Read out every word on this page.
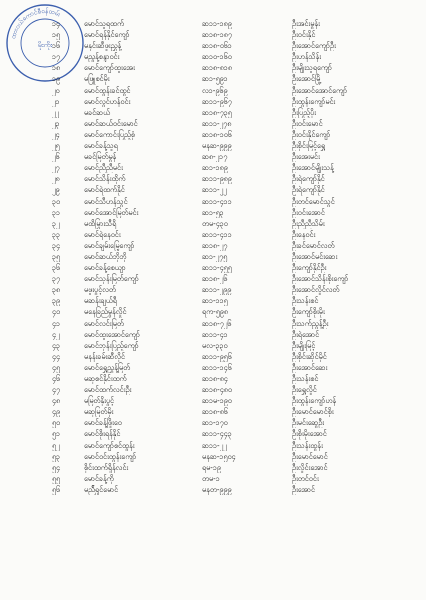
ထားဝယ်ကောင်စီဝန်ထမ်း
မိုးကိုး
၁၄	မောင်သူရထက်	ဆ၁၁-၁၈၉	ဦးအင်းမွန်း
၁၅	မောင်ရန်နိုင်ကျော်	ဆ၁၈-၁၈၇	ဦးဝင်းနိုင်
၁၆	မနှင်းဆီဖူးညွှန့်	ဆ၁၈-၀၆၁	ဦးအောင်ကျော်ဦး
၁၇	မညွန့်စန္ဒာဝင်း	ဆ၁၀-၁၆၀	ဦးဟန်သိန်း
၁၈	မောင်ကျော်ထူးအေး	ဆ၁၈-၈၁၈	ဦးမျိုးသူရကျော်
၁၉	မဖြူစင်မိုး	ဆ၁-၅၉၁	ဦးအောင်မြို့
၂၀	မောင်ထွန်းခင်ထွင်	လ၁-၉၆၉	ဦးအောင်အောင်ကျော်
၂၁	မောင်လွင်ဟန်ဝင်း	ဆ၁၁-၉၆၇	ဦးထွန်းကျော်မင်း
၂၂	မခင်ဆယ်	ဆ၁၈-၇၃၅	ဦးပြည့်ပိုး
၂၃	မောင်ဆယ်ဝင်းမောင်	ဆ၁၁-၂၇၈	ဦးဝင်းမောင်
၂၄	မောင်ကောင်းပြည့်စုံ	ဆ၁၈-၁၀၆	ဦးဝင်းနိုင်ကျော်
၂၅	မောင်ခန့်သူရ	မနဆ-၉၉၉	ဦးစိုင်းမြင့်ရွှေ
၂၆	မခင်မြတ်မွန်	ဆ၈-၂၁၇	ဦးအေးမင်း
၂၇	မောင်ညီညီမင်း	ဆ၁-၁၈၉	ဦးအောင်မျိုးသန့်
၂၈	မောင်သိန်းထိုက်	ဆ၁၁-၉၈၉	ဦးရဲကျော်နိုင်
၂၉	မောင်ရဲထက်နိုင်	ဆ၁၁-၂၂	ဦးရဲကျော်နိုင်
၃၀	မောင်သီဟန်သွင်	ဆ၁၁-၄၁၁	ဦးတင်မောင်သွင်
၃၁	မောင်အောင်မြတ်မင်း	ဆ၁-၅၃	ဦးဝင်းအောင်
၃၂	မထိမြှားသီရိ	တမ-၄၃၀	ဦးညီညီသိမ်း
၃၃	မောင်ရဲနေဝင်း	ဆ၁၁-၄၁၁	ဦးနေဝင်း
၃၄	မောင်ချမ်းမြေ့ကျော်	ဆ၁၈-၂၇	ဦးခင်မောင်လတ်
၃၅	မောင်ဆယ်ဘိုဘို	ဆ၁-၂၇၅	ဦးအောင်မင်းဆေး
၃၆	မောင်ခန့်စေယျာ	ဆ၁၁-၄၅၅	ဦးကျော်နိုင်ဦး
၃၇	မောင်သုန်းမြတ်ကျော်	ဆ၁၈-၂၆	ဦးအောင်သိန်းစိုးကျော်
၃၈	မဖူးပွင့်လတ်	ဆ၁၁-၂၉၉	ဦးအောင်လှိုင်လတ်
၃၉	မဆန်းချယ်ရီ	ဆ၁-၁၁၅	ဦးသန်းစင်
၄၀	မနေခြည်မွန်လှိုင်	ရက-၅၉၈	ဦးကျော်စိုးမိုး
၄၁	မောင်လင်းမြတ်	ဆ၁၈-၇၂၆	ဦးသက်ညွန့်ဦး
၄၂	မောင်ထူးအောင်ကျော်	ဆ၁၁-၄၁	ဦးရဲအောင်
၄၃	မောင်ဘုန်းပြည့်ကျော်	မလ-၃၃၀	ဦးမျိုးမြင့်
၄၄	မနန်းခမ်းဆီလိုင်	ဆ၁၁-၉၅၆	ဦးစိုင်းဆိုင်မိုင်
၄၅	မောင်ရွှေညွှန့်မြတ်	ဆ၁၁-၁၄၆	ဦးအောင်ဆေး
၄၆	မဆုစင်နိုင်းထက်	ဆ၁၈-၈၄	ဦးသန်းစင်
၄၇	မောင်ထက်လင်းဦး	ဆ၁၈-၄၈၀	ဦးရွှေလှိုင်
၄၈	မမြတ်နိုးပွင့်	ဆ၁မ-၁၉၀	ဦးထွန်းကျော်ဟန်
၄၉	မဆုမြတ်မိုး	ဆ၁၈-၈၆	ဦးမောင်မောင်စိုး
၅၀	မောင်ခန့်ဖြိုးဝေ	ဆ၁-၁၇၀	ဦးမင်းဆွေဦး
၅၁	မောင်စိုးရန်နိုင်	ဆ၁၁-၄၄၃	ဦးစိုးမိုးအောင်
၅၂	မောင်ကျော်စင်ထွန်း	ဆ၁၁-၂၂	ဦးသန်းထွန်း
၅၃	မောင်ဝင်းထွန်းကျော်	မနဆ-၁၅၀၄	ဦးမောင်မောင်
၅၄	စိုင်းထက်ရှိန်လင်း	ရမ-၁၉	ဦးလှိုင်းအောင်
၅၅	မောင်ခန့်ကို	တမ-၁	ဦးတင်ဝင်း
၅၆	မည်ိုရှင်မောင်	မနတ-၉၉၉	ဦးအောင်
